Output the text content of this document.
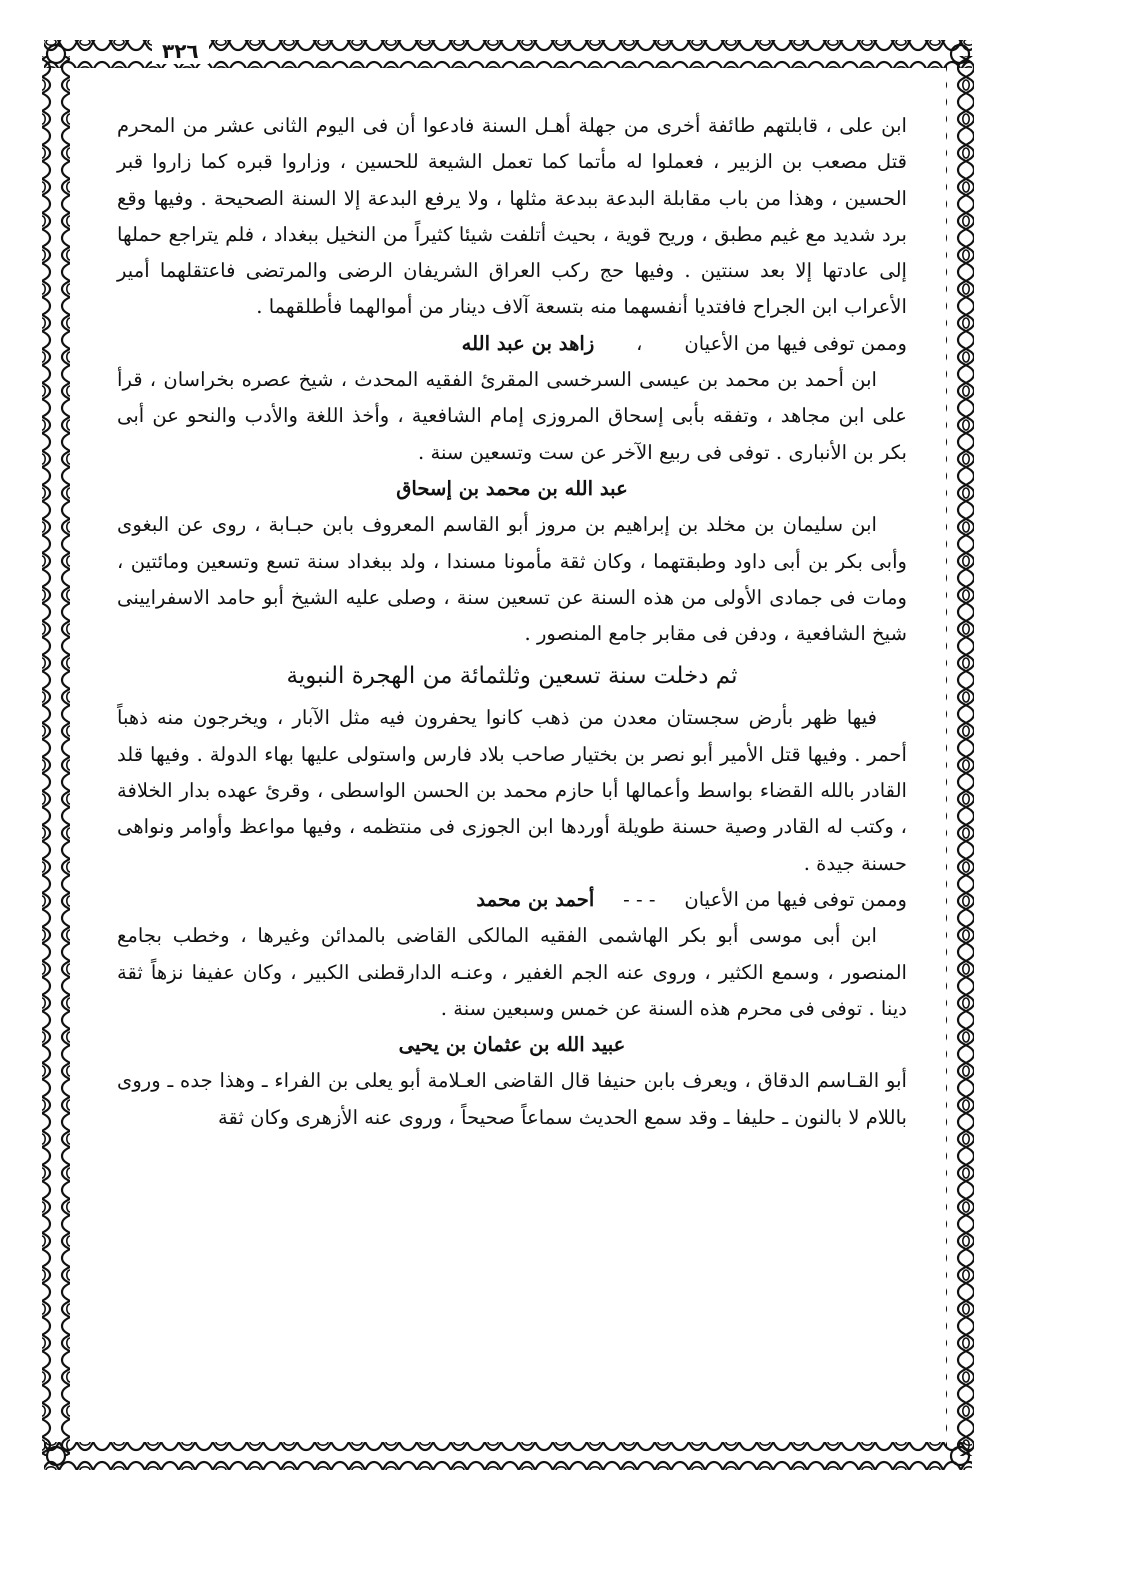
٣٢٦

ابن على ، قابلتهم طائفة أخرى من جهلة أهـل السنة فادعوا أن فى اليوم الثانى عشر من المحرم قتل مصعب بن الزبير ، فعملوا له مأتما كما تعمل الشيعة للحسين ، وزاروا قبره كما زاروا قبر الحسين ، وهذا من باب مقابلة البدعة ببدعة مثلها ، ولا يرفع البدعة إلا السنة الصحيحة . وفيها وقع برد شديد مع غيم مطبق ، وريح قوية ، بحيث أتلفت شيئا كثيراً من النخيل ببغداد ، فلم يتراجع حملها إلى عادتها إلا بعد سنتين . وفيها حج ركب العراق الشريفان الرضى والمرتضى فاعتقلهما أمير الأعراب ابن الجراح فافتديا أنفسهما منه بتسعة آلاف دينار من أموالهما فأطلقهما .

وممن توفى فيها من الأعيان
،
زاهد بن عبد الله

ابن أحمد بن محمد بن عيسى السرخسى المقرئ الفقيه المحدث ، شيخ عصره بخراسان ، قرأ على ابن مجاهد ، وتفقه بأبى إسحاق المروزى إمام الشافعية ، وأخذ اللغة والأدب والنحو عن أبى بكر بن الأنبارى . توفى فى ربيع الآخر عن ست وتسعين سنة .

عبد الله بن محمد بن إسحاق

ابن سليمان بن مخلد بن إبراهيم بن مروز أبو القاسم المعروف بابن حبـابة ، روى عن البغوى وأبى بكر بن أبى داود وطبقتهما ، وكان ثقة مأمونا مسندا ، ولد ببغداد سنة تسع وتسعين ومائتين ، ومات فى جمادى الأولى من هذه السنة عن تسعين سنة ، وصلى عليه الشيخ أبو حامد الاسفرايينى شيخ الشافعية ، ودفن فى مقابر جامع المنصور .

ثم دخلت سنة تسعين وثلثمائة من الهجرة النبوية

فيها ظهر بأرض سجستان معدن من ذهب كانوا يحفرون فيه مثل الآبار ، ويخرجون منه ذهباً أحمر . وفيها قتل الأمير أبو نصر بن بختيار صاحب بلاد فارس واستولى عليها بهاء الدولة . وفيها قلد القادر بالله القضاء بواسط وأعمالها أبا حازم محمد بن الحسن الواسطى ، وقرئ عهده بدار الخلافة ، وكتب له القادر وصية حسنة طويلة أوردها ابن الجوزى فى منتظمه ، وفيها مواعظ وأوامر ونواهى حسنة جيدة .

وممن توفى فيها من الأعيان
- - -
أحمد بن محمد

ابن أبى موسى أبو بكر الهاشمى الفقيه المالكى القاضى بالمدائن وغيرها ، وخطب بجامع المنصور ، وسمع الكثير ، وروى عنه الجم الغفير ، وعنـه الدارقطنى الكبير ، وكان عفيفا نزهاً ثقة دينا . توفى فى محرم هذه السنة عن خمس وسبعين سنة .

عبيد الله بن عثمان بن يحيى

أبو القـاسم الدقاق ، ويعرف بابن حنيفا قال القاضى العـلامة أبو يعلى بن الفراء ـ وهذا جده ـ وروى باللام لا بالنون ـ حليفا ـ وقد سمع الحديث سماعاً صحيحاً ، وروى عنه الأزهرى وكان ثقة
